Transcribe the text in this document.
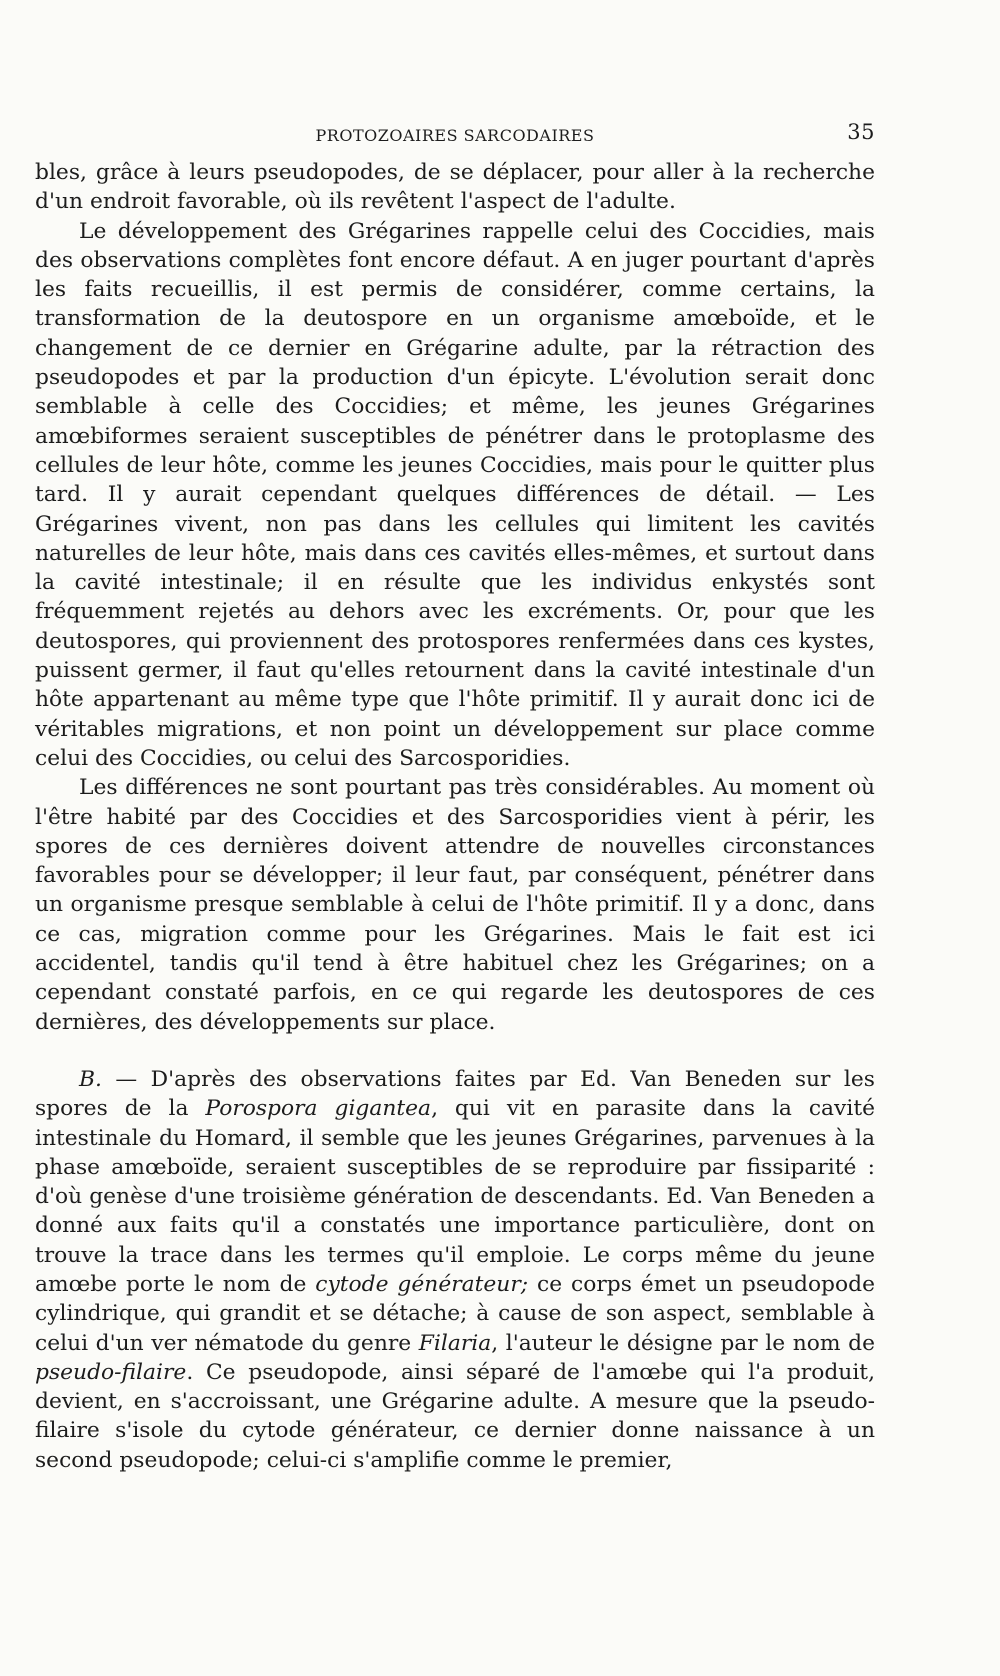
PROTOZOAIRES SARCODAIRES	35

bles, grâce à leurs pseudopodes, de se déplacer, pour aller à la recherche d'un endroit favorable, où ils revêtent l'aspect de l'adulte.

Le développement des Grégarines rappelle celui des Coccidies, mais des observations complètes font encore défaut. A en juger pourtant d'après les faits recueillis, il est permis de considérer, comme certains, la transformation de la deutospore en un organisme amœboïde, et le changement de ce dernier en Grégarine adulte, par la rétraction des pseudopodes et par la production d'un épicyte. L'évolution serait donc semblable à celle des Coccidies; et même, les jeunes Grégarines amœbiformes seraient susceptibles de pénétrer dans le protoplasme des cellules de leur hôte, comme les jeunes Coccidies, mais pour le quitter plus tard. Il y aurait cependant quelques différences de détail. — Les Grégarines vivent, non pas dans les cellules qui limitent les cavités naturelles de leur hôte, mais dans ces cavités elles-mêmes, et surtout dans la cavité intestinale; il en résulte que les individus enkystés sont fréquemment rejetés au dehors avec les excréments. Or, pour que les deutospores, qui proviennent des protospores renfermées dans ces kystes, puissent germer, il faut qu'elles retournent dans la cavité intestinale d'un hôte appartenant au même type que l'hôte primitif. Il y aurait donc ici de véritables migrations, et non point un développement sur place comme celui des Coccidies, ou celui des Sarcosporidies.

Les différences ne sont pourtant pas très considérables. Au moment où l'être habité par des Coccidies et des Sarcosporidies vient à périr, les spores de ces dernières doivent attendre de nouvelles circonstances favorables pour se développer; il leur faut, par conséquent, pénétrer dans un organisme presque semblable à celui de l'hôte primitif. Il y a donc, dans ce cas, migration comme pour les Grégarines. Mais le fait est ici accidentel, tandis qu'il tend à être habituel chez les Grégarines; on a cependant constaté parfois, en ce qui regarde les deutospores de ces dernières, des développements sur place.

B. — D'après des observations faites par Ed. Van Beneden sur les spores de la Porospora gigantea, qui vit en parasite dans la cavité intestinale du Homard, il semble que les jeunes Grégarines, parvenues à la phase amœboïde, seraient susceptibles de se reproduire par fissiparité : d'où genèse d'une troisième génération de descendants. Ed. Van Beneden a donné aux faits qu'il a constatés une importance particulière, dont on trouve la trace dans les termes qu'il emploie. Le corps même du jeune amœbe porte le nom de cytode générateur; ce corps émet un pseudopode cylindrique, qui grandit et se détache; à cause de son aspect, semblable à celui d'un ver nématode du genre Filaria, l'auteur le désigne par le nom de pseudo-filaire. Ce pseudopode, ainsi séparé de l'amœbe qui l'a produit, devient, en s'accroissant, une Grégarine adulte. A mesure que la pseudo-filaire s'isole du cytode générateur, ce dernier donne naissance à un second pseudopode; celui-ci s'amplifie comme le premier,
